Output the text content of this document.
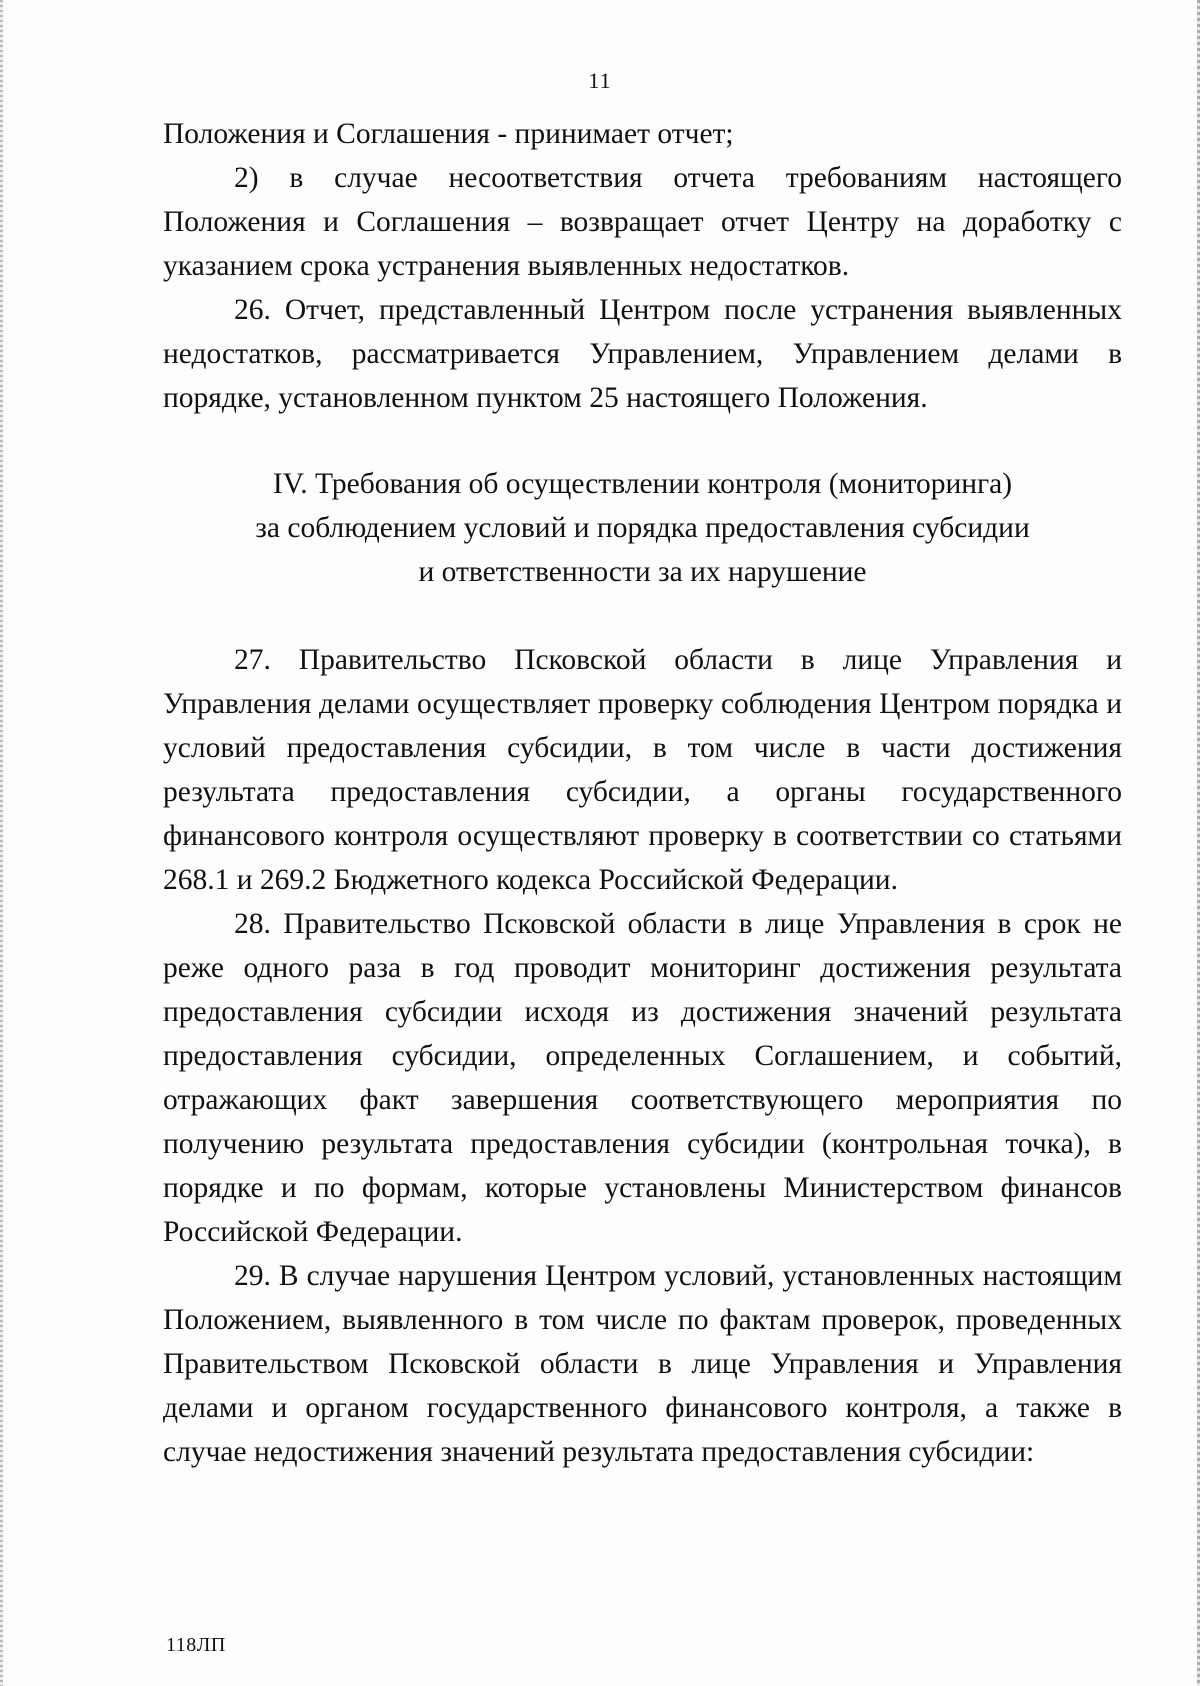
11

Положения и Соглашения - принимает отчет;

2) в случае несоответствия отчета требованиям настоящего Положения и Соглашения – возвращает отчет Центру на доработку с указанием срока устранения выявленных недостатков.

26. Отчет, представленный Центром после устранения выявленных недостатков, рассматривается Управлением, Управлением делами в порядке, установленном пунктом 25 настоящего Положения.

IV. Требования об осуществлении контроля (мониторинга)
за соблюдением условий и порядка предоставления субсидии
и ответственности за их нарушение

27. Правительство Псковской области в лице Управления и Управления делами осуществляет проверку соблюдения Центром порядка и условий предоставления субсидии, в том числе в части достижения результата предоставления субсидии, а органы государственного финансового контроля осуществляют проверку в соответствии со статьями 268.1 и 269.2 Бюджетного кодекса Российской Федерации.

28. Правительство Псковской области в лице Управления в срок не реже одного раза в год проводит мониторинг достижения результата предоставления субсидии исходя из достижения значений результата предоставления субсидии, определенных Соглашением, и событий, отражающих факт завершения соответствующего мероприятия по получению результата предоставления субсидии (контрольная точка), в порядке и по формам, которые установлены Министерством финансов Российской Федерации.

29. В случае нарушения Центром условий, установленных настоящим Положением, выявленного в том числе по фактам проверок, проведенных Правительством Псковской области в лице Управления и Управления делами и органом государственного финансового контроля, а также в случае недостижения значений результата предоставления субсидии:

118ЛП
